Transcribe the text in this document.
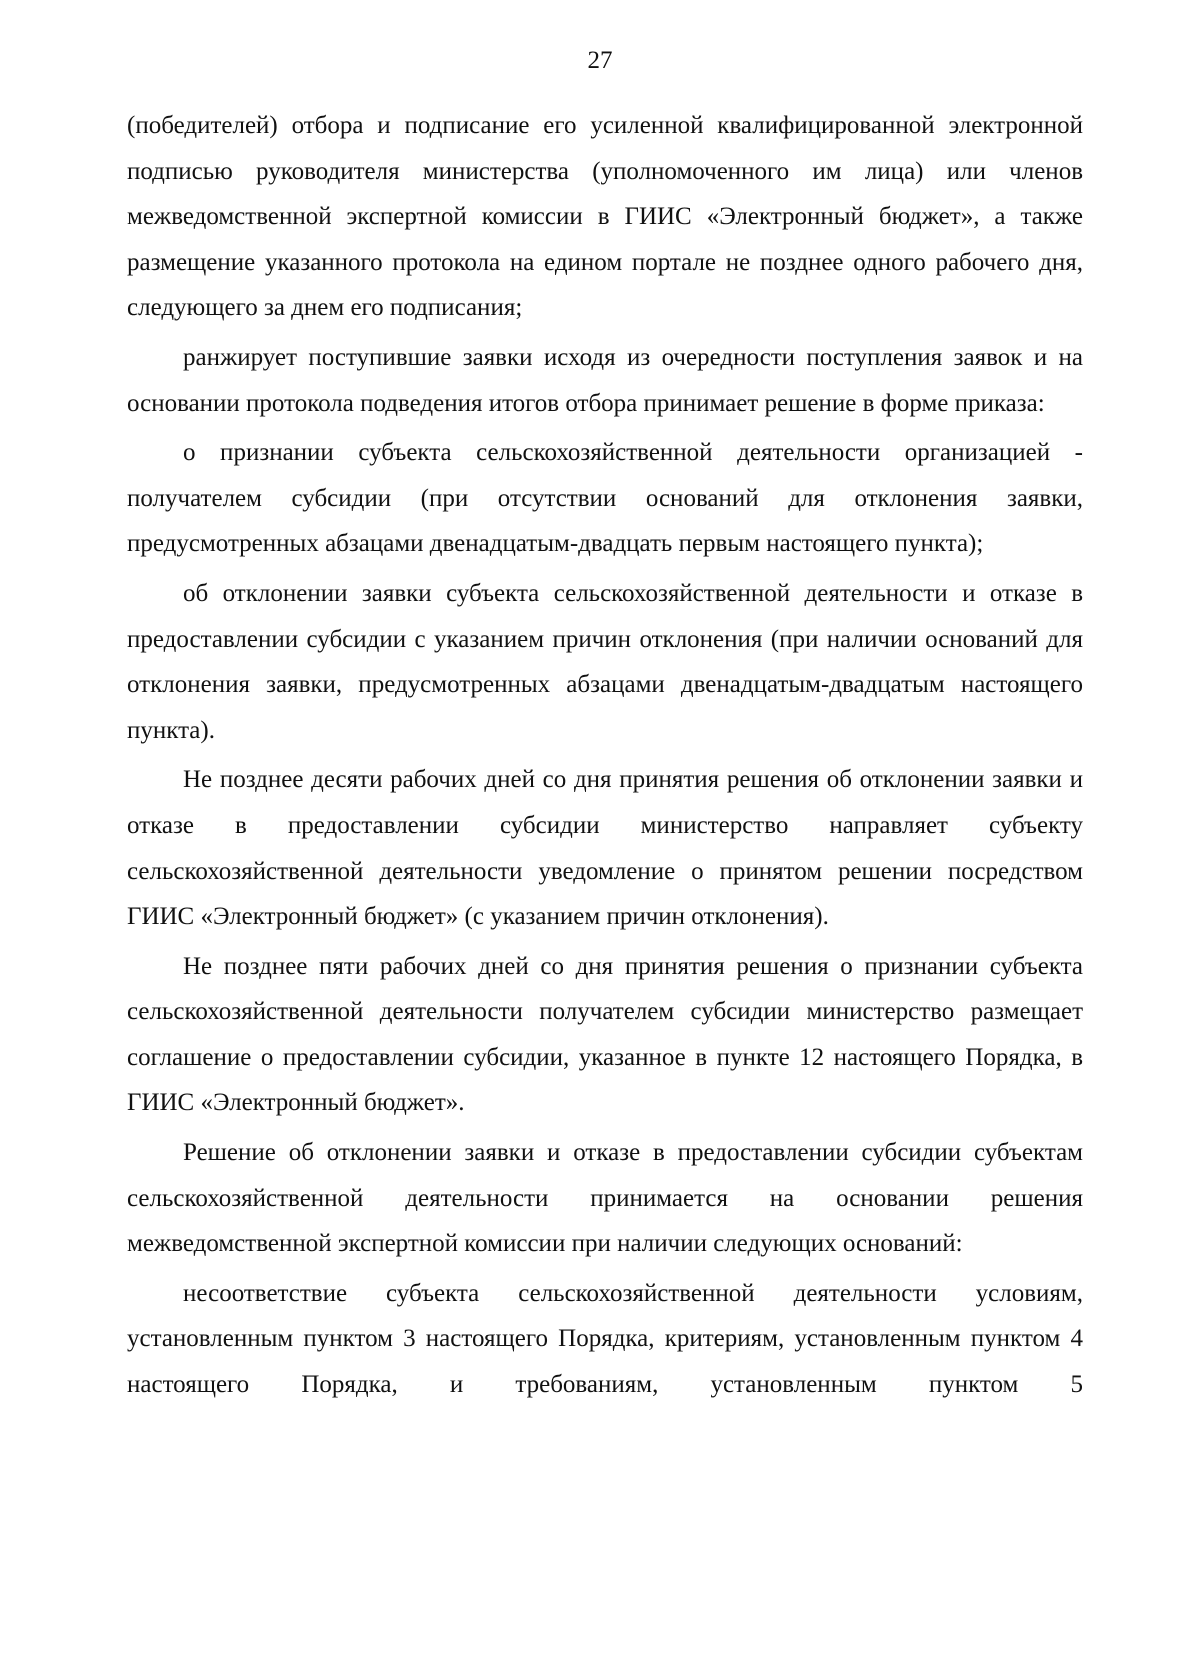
27

(победителей) отбора и подписание его усиленной квалифицированной электронной подписью руководителя министерства (уполномоченного им лица) или членов межведомственной экспертной комиссии в ГИИС «Электронный бюджет», а также размещение указанного протокола на едином портале не позднее одного рабочего дня, следующего за днем его подписания;

ранжирует поступившие заявки исходя из очередности поступления заявок и на основании протокола подведения итогов отбора принимает решение в форме приказа:

о признании субъекта сельскохозяйственной деятельности организацией - получателем субсидии (при отсутствии оснований для отклонения заявки, предусмотренных абзацами двенадцатым-двадцать первым настоящего пункта);

об отклонении заявки субъекта сельскохозяйственной деятельности и отказе в предоставлении субсидии с указанием причин отклонения (при наличии оснований для отклонения заявки, предусмотренных абзацами двенадцатым-двадцатым настоящего пункта).

Не позднее десяти рабочих дней со дня принятия решения об отклонении заявки и отказе в предоставлении субсидии министерство направляет субъекту сельскохозяйственной деятельности уведомление о принятом решении посредством ГИИС «Электронный бюджет» (с указанием причин отклонения).

Не позднее пяти рабочих дней со дня принятия решения о признании субъекта сельскохозяйственной деятельности получателем субсидии министерство размещает соглашение о предоставлении субсидии, указанное в пункте 12 настоящего Порядка, в ГИИС «Электронный бюджет».

Решение об отклонении заявки и отказе в предоставлении субсидии субъектам сельскохозяйственной деятельности принимается на основании решения межведомственной экспертной комиссии при наличии следующих оснований:

несоответствие субъекта сельскохозяйственной деятельности условиям, установленным пунктом 3 настоящего Порядка, критериям, установленным пунктом 4 настоящего Порядка, и требованиям, установленным пунктом 5
